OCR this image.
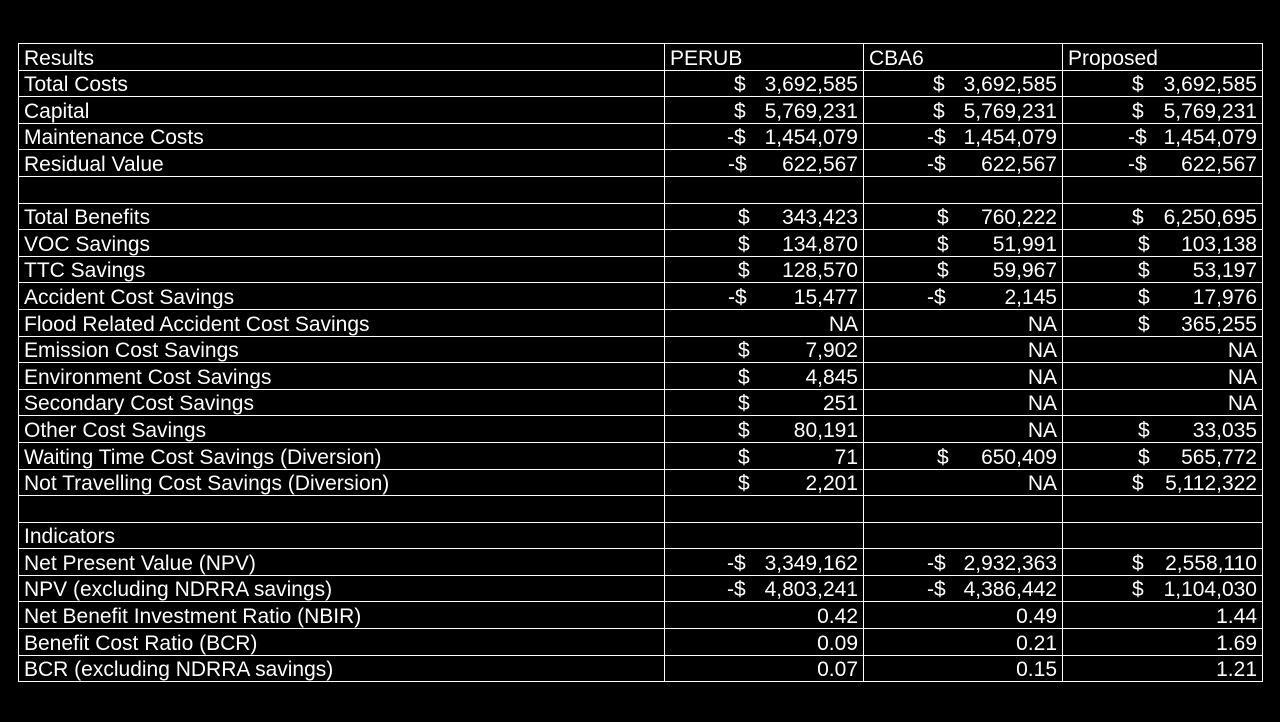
Results	PERUB	CBA6	Proposed
Total Costs	$ 3,692,585	$ 3,692,585	$ 3,692,585

Capital	$ 5,769,231	$ 5,769,231	$ 5,769,231

Maintenance Costs	-$ 1,454,079	-$ 1,454,079	-$ 1,454,079

Residual Value	-$ 622,567	-$ 622,567	-$ 622,567

Total Benefits	$ 343,423	$ 760,222	$ 6,250,695

VOC Savings	$ 134,870	$ 51,991	$ 103,138

TTC Savings	$ 128,570	$ 59,967	$ 53,197

Accident Cost Savings	-$ 15,477	-$ 2,145	$ 17,976

Flood Related Accident Cost Savings	NA	NA	$ 365,255

Emission Cost Savings	$ 7,902	NA	NA

Environment Cost Savings	$ 4,845	NA	NA

Secondary Cost Savings	$ 251	NA	NA

Other Cost Savings	$ 80,191	NA	$ 33,035

Waiting Time Cost Savings (Diversion)	$ 71	$ 650,409	$ 565,772

Not Travelling Cost Savings (Diversion)	$ 2,201	NA	$ 5,112,322

Indicators	

Net Present Value (NPV)	-$ 3,349,162	-$ 2,932,363	$ 2,558,110

NPV (excluding NDRRA savings)	-$ 4,803,241	-$ 4,386,442	$ 1,104,030

Net Benefit Investment Ratio (NBIR)	0.42	0.49	1.44

Benefit Cost Ratio (BCR)	0.09	0.21	1.69

BCR (excluding NDRRA savings)	0.07	0.15	1.21
